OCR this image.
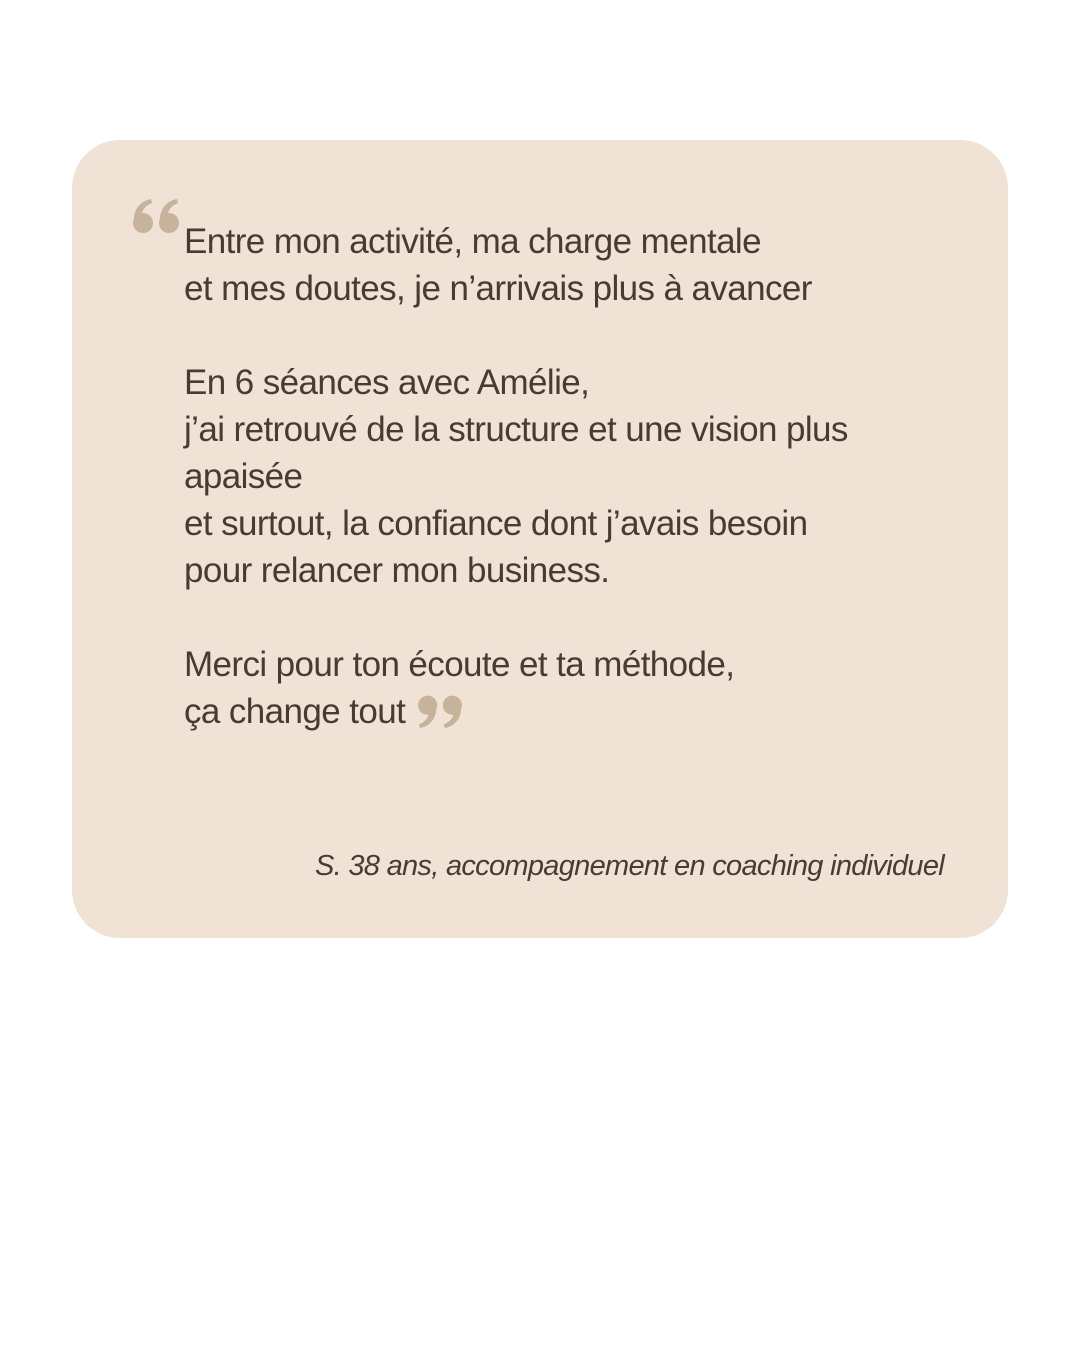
Entre mon activité, ma charge mentale
et mes doutes, je n’arrivais plus à avancer
En 6 séances avec Amélie,
j’ai retrouvé de la structure et une vision plus
apaisée
et surtout, la confiance dont j’avais besoin
pour relancer mon business.
Merci pour ton écoute et ta méthode,
ça change tout
S. 38 ans, accompagnement en coaching individuel
